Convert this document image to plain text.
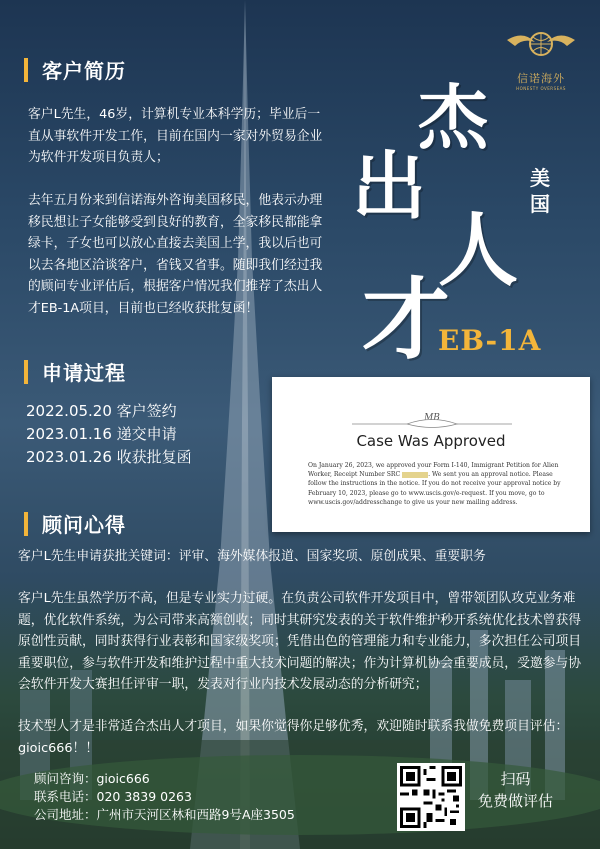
信诺海外
HONESTY OVERSEAS
杰
出
人
才
美国
EB-1A
客户简历
客户L先生，46岁，计算机专业本科学历；毕业后一直从事软件开发工作，目前在国内一家对外贸易企业为软件开发项目负责人；
去年五月份来到信诺海外咨询美国移民，他表示办理移民想让子女能够受到良好的教育，全家移民都能拿绿卡，子女也可以放心直接去美国上学，我以后也可以去各地区洽谈客户，省钱又省事。随即我们经过我的顾问专业评估后，根据客户情况我们推荐了杰出人才EB-1A项目，目前也已经收获批复函！
申请过程
2022.05.20 客户签约
2023.01.16 递交申请
2023.01.26 收获批复函
MB
Case Was Approved
On January 26, 2023, we approved your Form I-140, Immigrant Petition for Alien
Worker, Receipt Number SRC	. We sent you an approval notice. Please
follow the instructions in the notice. If you do not receive your approval notice by
February 10, 2023, please go to www.uscis.gov/e-request. If you move, go to
www.uscis.gov/addresschange to give us your new mailing address.
顾问心得
客户L先生申请获批关键词：评审、海外媒体报道、国家奖项、原创成果、重要职务
客户L先生虽然学历不高，但是专业实力过硬。在负责公司软件开发项目中，曾带领团队攻克业务难题，优化软件系统，为公司带来高额创收；同时其研究发表的关于软件维护秒开系统优化技术曾获得原创性贡献，同时获得行业表彰和国家级奖项；凭借出色的管理能力和专业能力，多次担任公司项目重要职位，参与软件开发和维护过程中重大技术问题的解决；作为计算机协会重要成员，受邀参与协会软件开发大赛担任评审一职，发表对行业内技术发展动态的分析研究；
技术型人才是非常适合杰出人才项目，如果你觉得你足够优秀，欢迎随时联系我做免费项目评估：gioic666！！
顾问咨询：gioic666
联系电话：020 3839 0263
公司地址：广州市天河区林和西路9号A座3505
扫码
免费做评估
